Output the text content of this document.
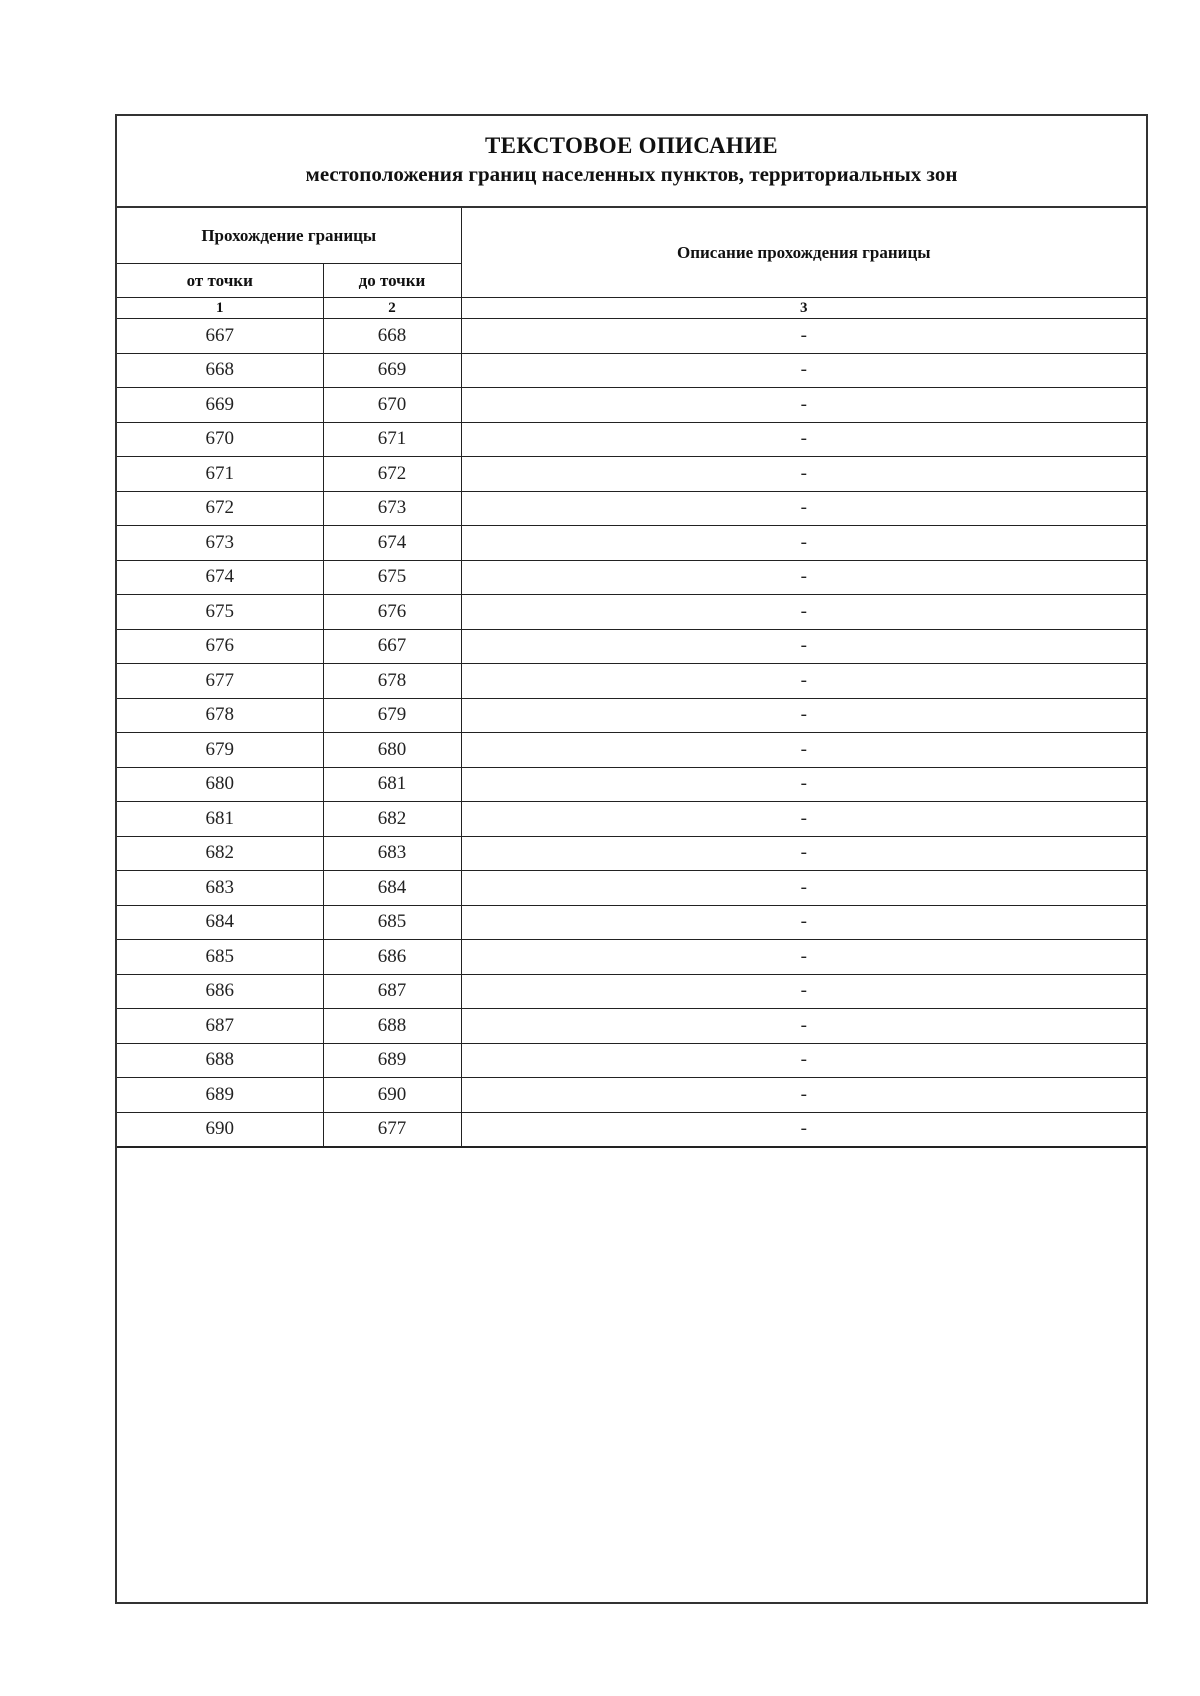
ТЕКСТОВОЕ ОПИСАНИЕ
местоположения границ населенных пунктов, территориальных зон
Прохождение границы		Описание прохождения границы
от точки	до точки	
1	2	3
667	668	-
668	669	-
669	670	-
670	671	-
671	672	-
672	673	-
673	674	-
674	675	-
675	676	-
676	667	-
677	678	-
678	679	-
679	680	-
680	681	-
681	682	-
682	683	-
683	684	-
684	685	-
685	686	-
686	687	-
687	688	-
688	689	-
689	690	-
690	677	-
